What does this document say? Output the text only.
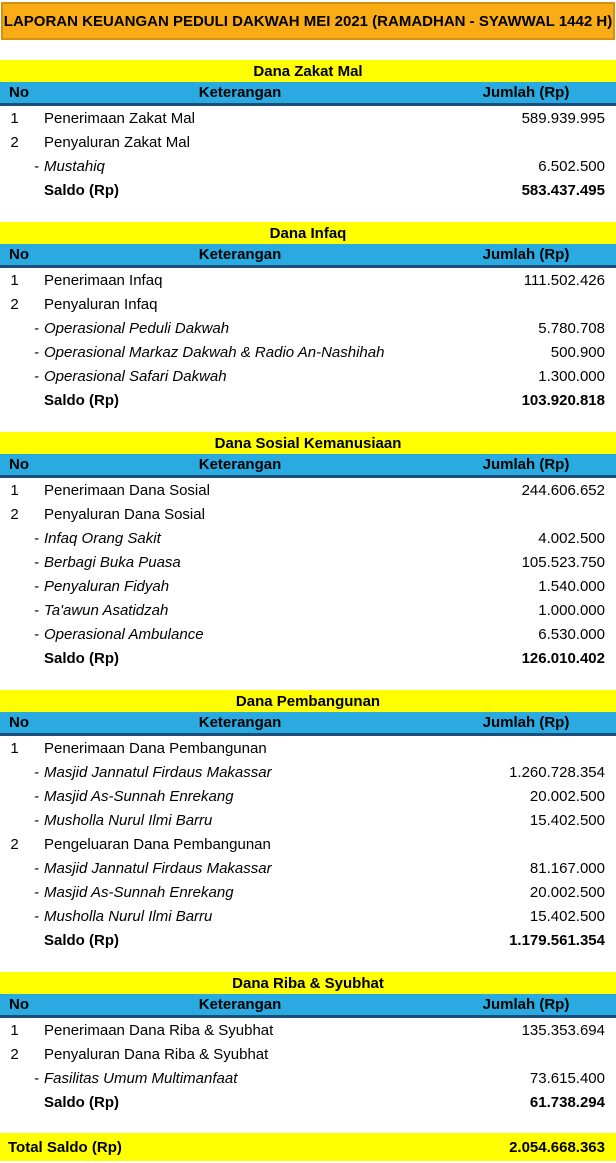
LAPORAN KEUANGAN PEDULI DAKWAH MEI 2021 (RAMADHAN - SYAWWAL 1442 H)
Dana Zakat Mal
No	Keterangan	Jumlah (Rp)
1	Penerimaan Zakat Mal	589.939.995
2	Penyaluran Zakat Mal
- Mustahiq	6.502.500
Saldo (Rp)	583.437.495
Dana Infaq
No	Keterangan	Jumlah (Rp)
1	Penerimaan Infaq	111.502.426
2	Penyaluran Infaq
- Operasional Peduli Dakwah	5.780.708
- Operasional Markaz Dakwah & Radio An-Nashihah	500.900
- Operasional Safari Dakwah	1.300.000
Saldo (Rp)	103.920.818
Dana Sosial Kemanusiaan
No	Keterangan	Jumlah (Rp)
1	Penerimaan Dana Sosial	244.606.652
2	Penyaluran Dana Sosial
- Infaq Orang Sakit	4.002.500
- Berbagi Buka Puasa	105.523.750
- Penyaluran Fidyah	1.540.000
- Ta'awun Asatidzah	1.000.000
- Operasional Ambulance	6.530.000
Saldo (Rp)	126.010.402
Dana Pembangunan
No	Keterangan	Jumlah (Rp)
1	Penerimaan Dana Pembangunan
- Masjid Jannatul Firdaus Makassar	1.260.728.354
- Masjid As-Sunnah Enrekang	20.002.500
- Musholla Nurul Ilmi Barru	15.402.500
2	Pengeluaran Dana Pembangunan
- Masjid Jannatul Firdaus Makassar	81.167.000
- Masjid As-Sunnah Enrekang	20.002.500
- Musholla Nurul Ilmi Barru	15.402.500
Saldo (Rp)	1.179.561.354
Dana Riba & Syubhat
No	Keterangan	Jumlah (Rp)
1	Penerimaan Dana Riba & Syubhat	135.353.694
2	Penyaluran Dana Riba & Syubhat
- Fasilitas Umum Multimanfaat	73.615.400
Saldo (Rp)	61.738.294
Total Saldo (Rp)	2.054.668.363
